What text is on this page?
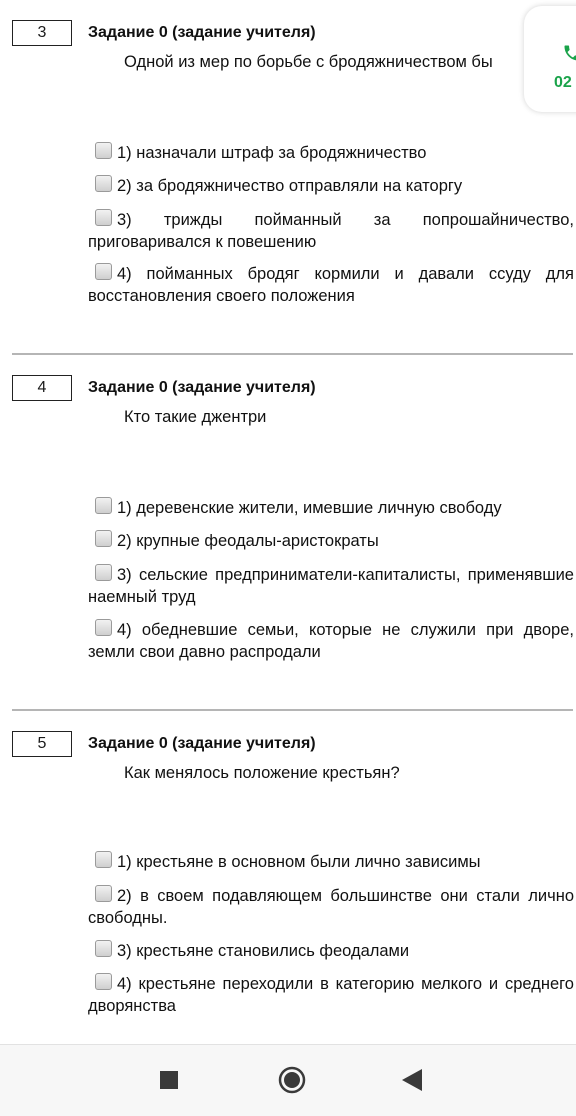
3	Задание 0 (задание учителя)
Одной из мер по борьбе с бродяжничеством бы
1) назначали штраф за бродяжничество
2) за бродяжничество отправляли на каторгу
3) трижды пойманный за попрошайничество, приговаривался к повешению
4) пойманных бродяг кормили и давали ссуду для восстановления своего положения
4	Задание 0 (задание учителя)
Кто такие джентри
1) деревенские жители, имевшие личную свободу
2) крупные феодалы-аристократы
3) сельские предприниматели-капиталисты, применявшие наемный труд
4) обедневшие семьи, которые не служили при дворе, земли свои давно распродали
5	Задание 0 (задание учителя)
Как менялось положение крестьян?
1) крестьяне в основном были лично зависимы
2) в своем подавляющем большинстве они стали лично свободны.
3) крестьяне становились феодалами
4) крестьяне переходили в категорию мелкого и среднего дворянства
02
